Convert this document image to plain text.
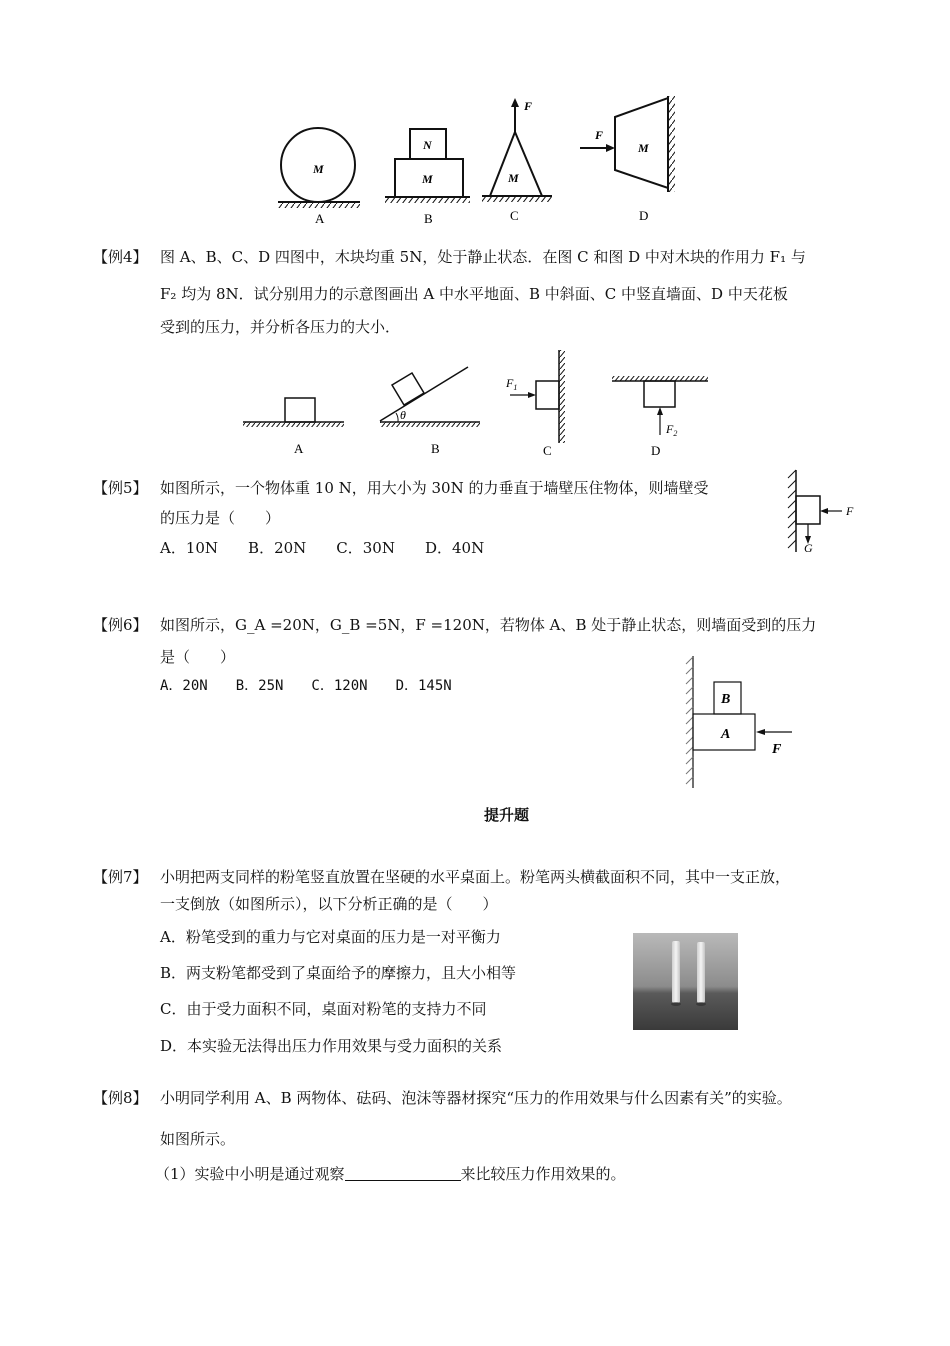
M
A
N
M
B
F
M
C
F
M
D
【例4】 图 A、B、C、D 四图中，木块均重 5N，处于静止状态．在图 C 和图 D 中对木块的作用力 F₁ 与
F₂ 均为 8N．试分别用力的示意图画出 A 中水平地面、B 中斜面、C 中竖直墙面、D 中天花板
受到的压力，并分析各压力的大小．
A
θ
B
$F_1$
C
$F_2$
D
【例5】 如图所示，一个物体重 10 N，用大小为 30N 的力垂直于墙壁压住物体，则墙壁受
的压力是（　　）
A．10N　　B．20N　　C．30N　　D．40N
F
G
【例6】 如图所示，G_A =20N，G_B =5N，F =120N，若物体 A、B 处于静止状态，则墙面受到的压力
是（　　）
A．20N　　B．25N　　C．120N　　D．145N
B
A
F
提升题
【例7】 小明把两支同样的粉笔竖直放置在坚硬的水平桌面上。粉笔两头横截面积不同，其中一支正放，
一支倒放（如图所示），以下分析正确的是（　　）
A．粉笔受到的重力与它对桌面的压力是一对平衡力
B．两支粉笔都受到了桌面给予的摩擦力，且大小相等
C．由于受力面积不同，桌面对粉笔的支持力不同
D．本实验无法得出压力作用效果与受力面积的关系
【例8】 小明同学利用 A、B 两物体、砝码、泡沫等器材探究“压力的作用效果与什么因素有关”的实验。
如图所示。
（1）实验中小明是通过观察	来比较压力作用效果的。
